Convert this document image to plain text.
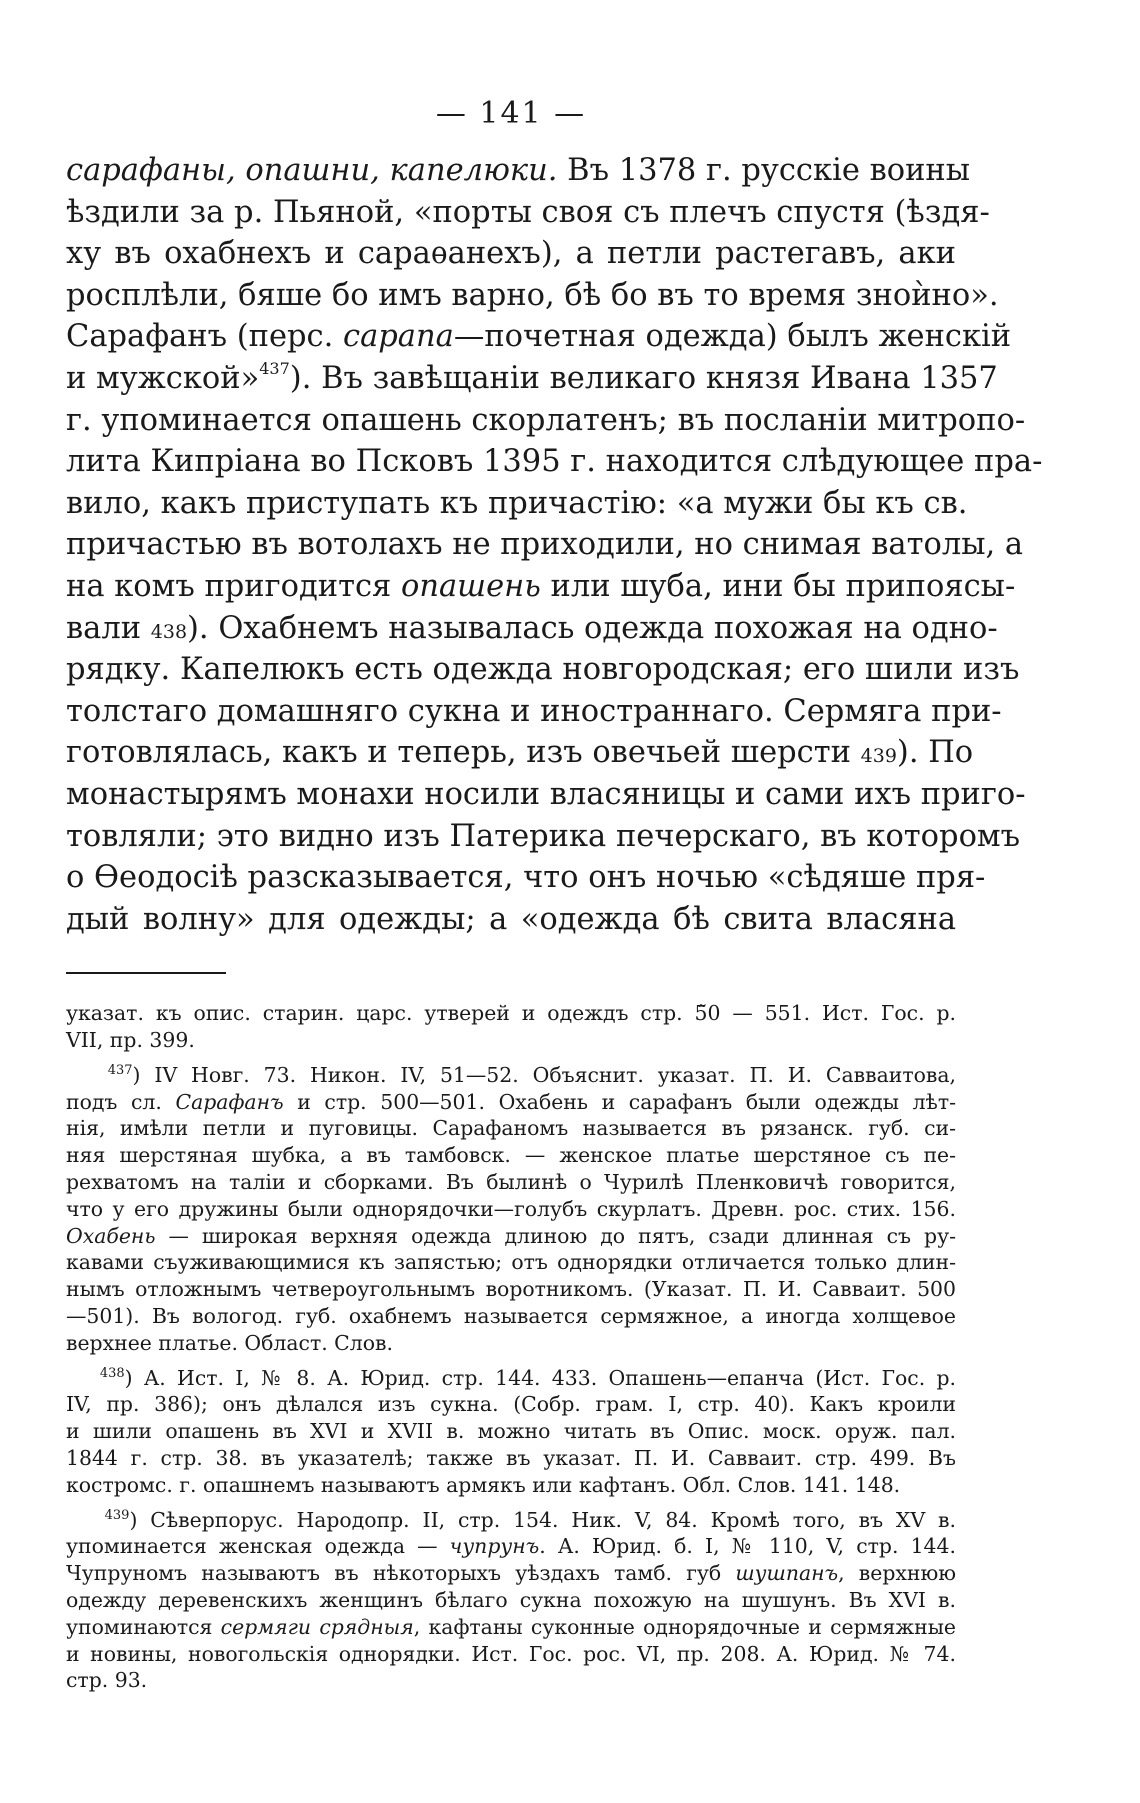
— 141 —
сарафаны, опашни, капелюки. Въ 1378 г. русскіе воины
ѣздили за р. Пьяной, «порты своя съ плечъ спустя (ѣздя-
ху въ охабнехъ и сараѳанехъ), а петли растегавъ, аки
росплѣли, бяше бо имъ варно, бѣ бо въ то время зноѝно».
Сарафанъ (перс. сарапа—почетная одежда) былъ женскій
и мужской»$^{437}$). Въ завѣщаніи великаго князя Ивана 1357
г. упоминается опашень скорлатенъ; въ посланіи митропо-
лита Кипріана во Псковъ 1395 г. находится слѣдующее пра-
вило, какъ приступать къ причастію: «а мужи бы къ св.
причастью въ вотолахъ не приходили, но снимая ватолы, а
на комъ пригодится опашень или шуба, ини бы припоясы-
вали 438). Охабнемъ называлась одежда похожая на одно-
рядку. Капелюкъ есть одежда новгородская; его шили изъ
толстаго домашняго сукна и иностраннаго. Сермяга при-
готовлялась, какъ и теперь, изъ овечьей шерсти 439). По
монастырямъ монахи носили власяницы и сами ихъ приго-
товляли; это видно изъ Патерика печерскаго, въ которомъ
о Ѳеодосіѣ разсказывается, что онъ ночью «сѣдяше пря-
дый волну» для одежды; а «одежда бѣ свита власяна
указат. къ опис. старин. царс. утверей и одеждъ стр. 5̃0 — 551. Ист. Гос. р.
VII, пр. 399.
$^{437}$) IV Новг. 73. Никон. IV, 51—52. Объяснит. указат. П. И. Савваитова,
подъ сл. Сарафанъ и стр. 500—501. Охабень и сарафанъ были одежды лѣт-
нія, имѣли петли и пуговицы. Сарафаномъ называется въ рязанск. губ. си-
няя шерстяная шубка, а въ тамбовск. — женское платье шерстяное съ пе-
рехватомъ на таліи и сборками. Въ былинѣ о Чурилѣ Пленковичѣ говорится,
что у его дружины были однорядочки—голубъ скурлатъ. Древн. рос. стих. 156.
Охабень — широкая верхняя одежда длиною до пятъ, сзади длинная съ ру-
кавами съуживающимися къ запястью; отъ однорядки отличается только длин-
нымъ отложнымъ четвероугольнымъ воротникомъ. (Указат. П. И. Саввaит. 500
—501). Въ вологод. губ. охабнемъ называется сермяжное, а иногда холщевое
верхнее платье. Област. Слов.
$^{438}$) А. Ист. I, № 8. А. Юрид. стр. 144. 433. Опашень—епанча (Ист. Гос. р.
IV, пр. 386); онъ дѣлался изъ сукна. (Собр. грам. I, стр. 40). Какъ кроили
и шили опашень въ XVI и XVII в. можно читать въ Опис. моск. оруж. пал.
1844 г. стр. 38. въ указателѣ; также въ указат. П. И. Савваит. стр. 499. Въ
костромс. г. опашнемъ называютъ армякъ или кафтанъ. Обл. Слов. 141. 148.
$^{439}$) Сѣверпорус. Народопр. II, стр. 154. Ник. V, 84. Кромѣ того, въ XV в.
упоминается женская одежда — чупрунъ. А. Юрид. б. I, № 110, V, стр. 144.
Чупруномъ называютъ въ нѣкоторыхъ уѣздахъ тамб. губ шушпанъ, верхнюю
одежду деревенскихъ женщинъ бѣлаго сукна похожую на шушунъ. Въ XVI в.
упоминаются сермяги срядныя, кафтаны суконные однорядочные и сермяжные
и новины, новогольскія однорядки. Ист. Гос. рос. VI, пр. 208. А. Юрид. № 74.
стр. 93.
